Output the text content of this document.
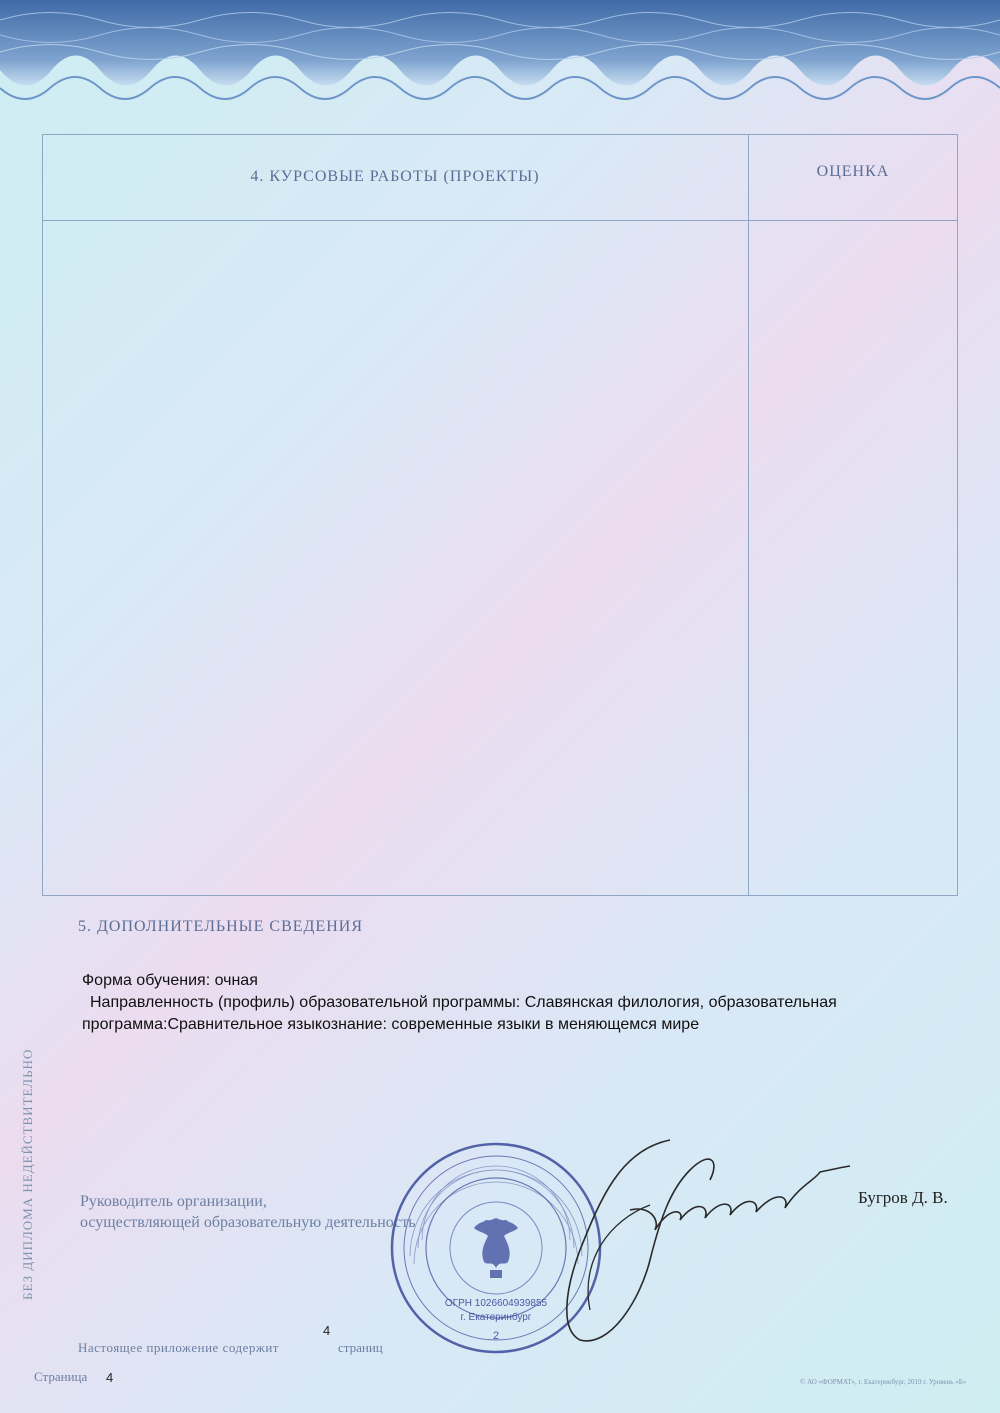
4. КУРСОВЫЕ РАБОТЫ (ПРОЕКТЫ)	ОЦЕНКА
5. ДОПОЛНИТЕЛЬНЫЕ СВЕДЕНИЯ
Форма обучения: очная
Направленность (профиль) образовательной программы: Славянская филология, образовательная
программа:Сравнительное языкознание: современные языки в меняющемся мире
БЕЗ ДИПЛОМА НЕДЕЙСТВИТЕЛЬНО	Руководитель организации,
осуществляющей образовательную деятельность
ОГРН 1026604939855
г. Екатеринбург
2
Бугров Д. В.
Настоящее приложение содержит
4
страниц
Страница 4	© АО «ФОРМАТ», г. Екатеринбург, 2019 г. Уровень «Б»
